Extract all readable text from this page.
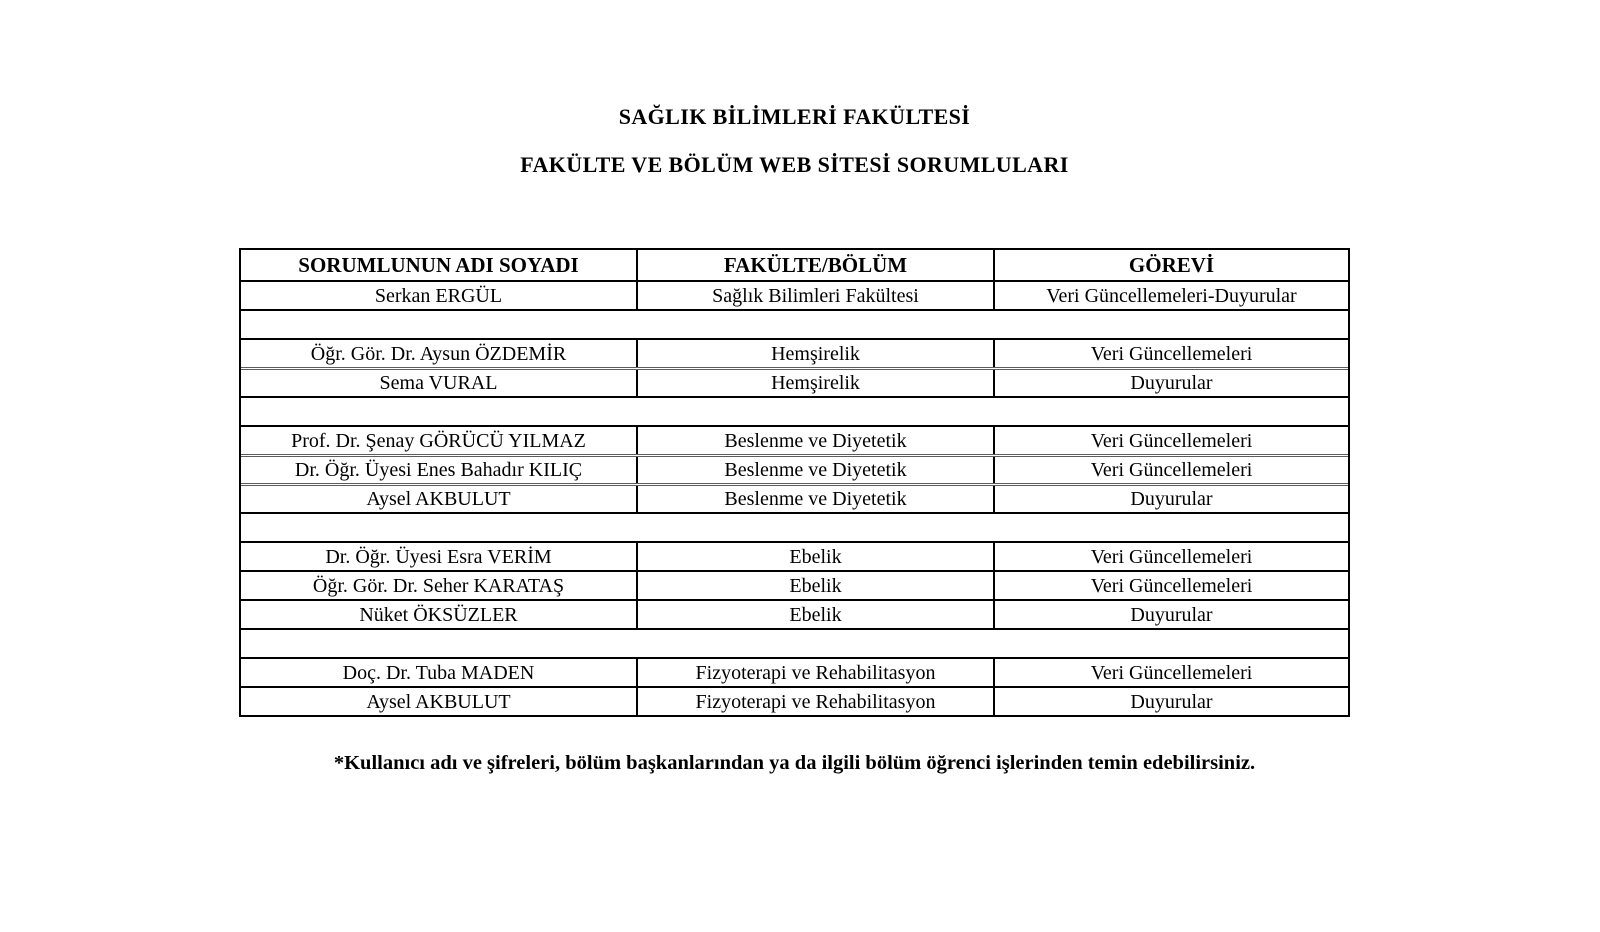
SAĞLIK BİLİMLERİ FAKÜLTESİ
FAKÜLTE VE BÖLÜM WEB SİTESİ SORUMLULARI
SORUMLUNUN ADI SOYADI	FAKÜLTE/BÖLÜM	GÖREVİ
Serkan ERGÜL	Sağlık Bilimleri Fakültesi	Veri Güncellemeleri-Duyurular
Öğr. Gör. Dr. Aysun ÖZDEMİR	Hemşirelik	Veri Güncellemeleri
Sema VURAL	Hemşirelik	Duyurular
Prof. Dr. Şenay GÖRÜCÜ YILMAZ	Beslenme ve Diyetetik	Veri Güncellemeleri
Dr. Öğr. Üyesi Enes Bahadır KILIÇ	Beslenme ve Diyetetik	Veri Güncellemeleri
Aysel AKBULUT	Beslenme ve Diyetetik	Duyurular
Dr. Öğr. Üyesi Esra VERİM	Ebelik	Veri Güncellemeleri
Öğr. Gör. Dr. Seher KARATAŞ	Ebelik	Veri Güncellemeleri
Nüket ÖKSÜZLER	Ebelik	Duyurular
Doç. Dr. Tuba MADEN	Fizyoterapi ve Rehabilitasyon	Veri Güncellemeleri
Aysel AKBULUT	Fizyoterapi ve Rehabilitasyon	Duyurular
*Kullanıcı adı ve şifreleri, bölüm başkanlarından ya da ilgili bölüm öğrenci işlerinden temin edebilirsiniz.
